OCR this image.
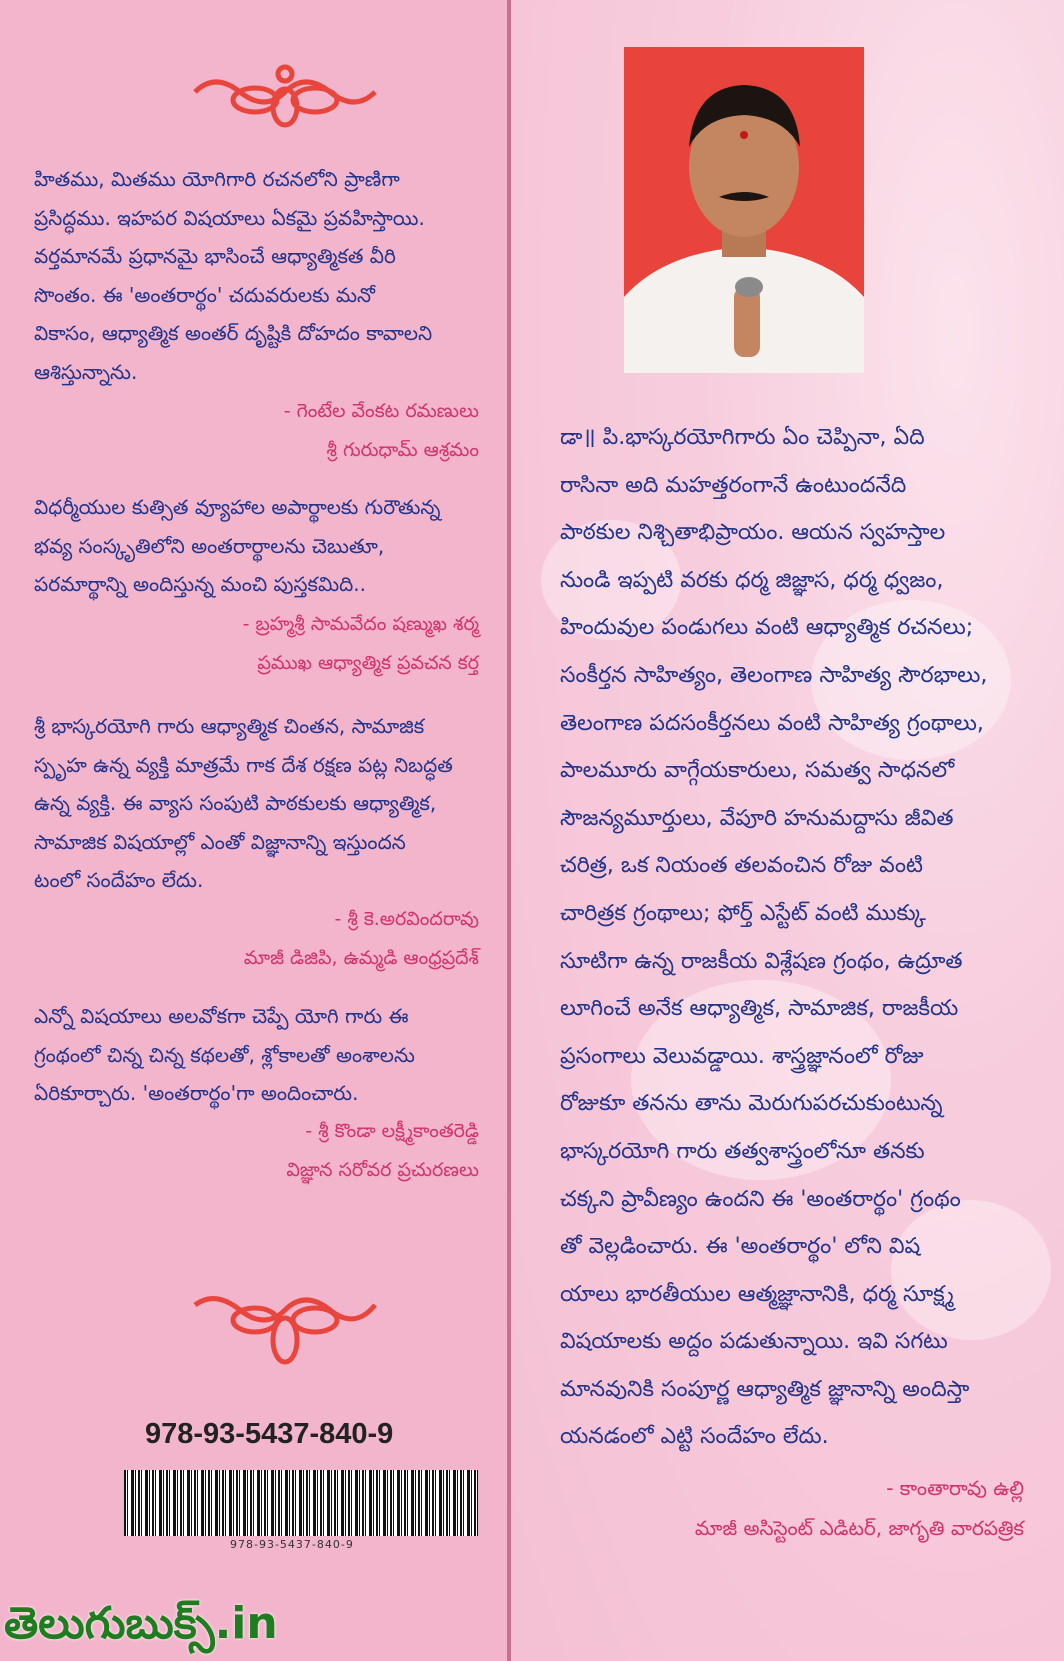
హితము, మితము యోగిగారి రచనలోని ప్రాణిగా
ప్రసిద్ధము. ఇహపర విషయాలు ఏకమై ప్రవహిస్తాయి.
వర్తమానమే ప్రధానమై భాసించే ఆధ్యాత్మికత వీరి
సొంతం. ఈ 'అంతరార్థం' చదువరులకు మనో
వికాసం, ఆధ్యాత్మిక అంతర్ దృష్టికి దోహదం కావాలని
ఆశిస్తున్నాను.
- గెంటేల వేంకట రమణులు
శ్రీ గురుధామ్ ఆశ్రమం
విధర్మీయుల కుత్సిత వ్యూహాల అపార్థాలకు గురౌతున్న
భవ్య సంస్కృతిలోని అంతరార్థాలను చెబుతూ,
పరమార్థాన్ని అందిస్తున్న మంచి పుస్తకమిది..
- బ్రహ్మశ్రీ సామవేదం షణ్ముఖ శర్మ
ప్రముఖ ఆధ్యాత్మిక ప్రవచన కర్త
శ్రీ భాస్కరయోగి గారు ఆధ్యాత్మిక చింతన, సామాజిక
స్పృహ ఉన్న వ్యక్తి మాత్రమే గాక దేశ రక్షణ పట్ల నిబద్ధత
ఉన్న వ్యక్తి. ఈ వ్యాస సంపుటి పాఠకులకు ఆధ్యాత్మిక,
సామాజిక విషయాల్లో ఎంతో విజ్ఞానాన్ని ఇస్తుందన
టంలో సందేహం లేదు.
- శ్రీ కె.అరవిందరావు
మాజీ డిజిపి, ఉమ్మడి ఆంధ్రప్రదేశ్
ఎన్నో విషయాలు అలవోకగా చెప్పే యోగి గారు ఈ
గ్రంథంలో చిన్న చిన్న కథలతో, శ్లోకాలతో అంశాలను
ఏరికూర్చారు. 'అంతరార్థం'గా అందించారు.
- శ్రీ కొండా లక్ష్మీకాంతరెడ్డి
విజ్ఞాన సరోవర ప్రచురణలు
978-93-5437-840-9
978-93-5437-840-9
డా॥ పి.భాస్కరయోగిగారు ఏం చెప్పినా, ఏది
రాసినా అది మహత్తరంగానే ఉంటుందనేది
పాఠకుల నిశ్చితాభిప్రాయం. ఆయన స్వహస్తాల
నుండి ఇప్పటి వరకు ధర్మ జిజ్ఞాస, ధర్మ ధ్వజం,
హిందువుల పండుగలు వంటి ఆధ్యాత్మిక రచనలు;
సంకీర్తన సాహిత్యం, తెలంగాణ సాహిత్య సౌరభాలు,
తెలంగాణ పదసంకీర్తనలు వంటి సాహిత్య గ్రంథాలు,
పాలమూరు వాగ్గేయకారులు, సమత్వ సాధనలో
సౌజన్యమూర్తులు, వేపూరి హనుమద్దాసు జీవిత
చరిత్ర, ఒక నియంత తలవంచిన రోజు వంటి
చారిత్రక గ్రంథాలు; ఫోర్త్ ఎస్టేట్ వంటి ముక్కు
సూటిగా ఉన్న రాజకీయ విశ్లేషణ గ్రంథం, ఉద్రూత
లూగించే అనేక ఆధ్యాత్మిక, సామాజిక, రాజకీయ
ప్రసంగాలు వెలువడ్డాయి. శాస్త్రజ్ఞానంలో రోజు
రోజుకూ తనను తాను మెరుగుపరచుకుంటున్న
భాస్కరయోగి గారు తత్వశాస్త్రంలోనూ తనకు
చక్కని ప్రావీణ్యం ఉందని ఈ 'అంతరార్థం' గ్రంథం
తో వెల్లడించారు. ఈ 'అంతరార్థం' లోని విష
యాలు భారతీయుల ఆత్మజ్ఞానానికి, ధర్మ సూక్ష్మ
విషయాలకు అద్దం పడుతున్నాయి. ఇవి సగటు
మానవునికి సంపూర్ణ ఆధ్యాత్మిక జ్ఞానాన్ని అందిస్తా
యనడంలో ఎట్టి సందేహం లేదు.
- కాంతారావు ఉల్లి
మాజీ అసిస్టెంట్ ఎడిటర్, జాగృతి వారపత్రిక
తెలుగుబుక్స్.in
